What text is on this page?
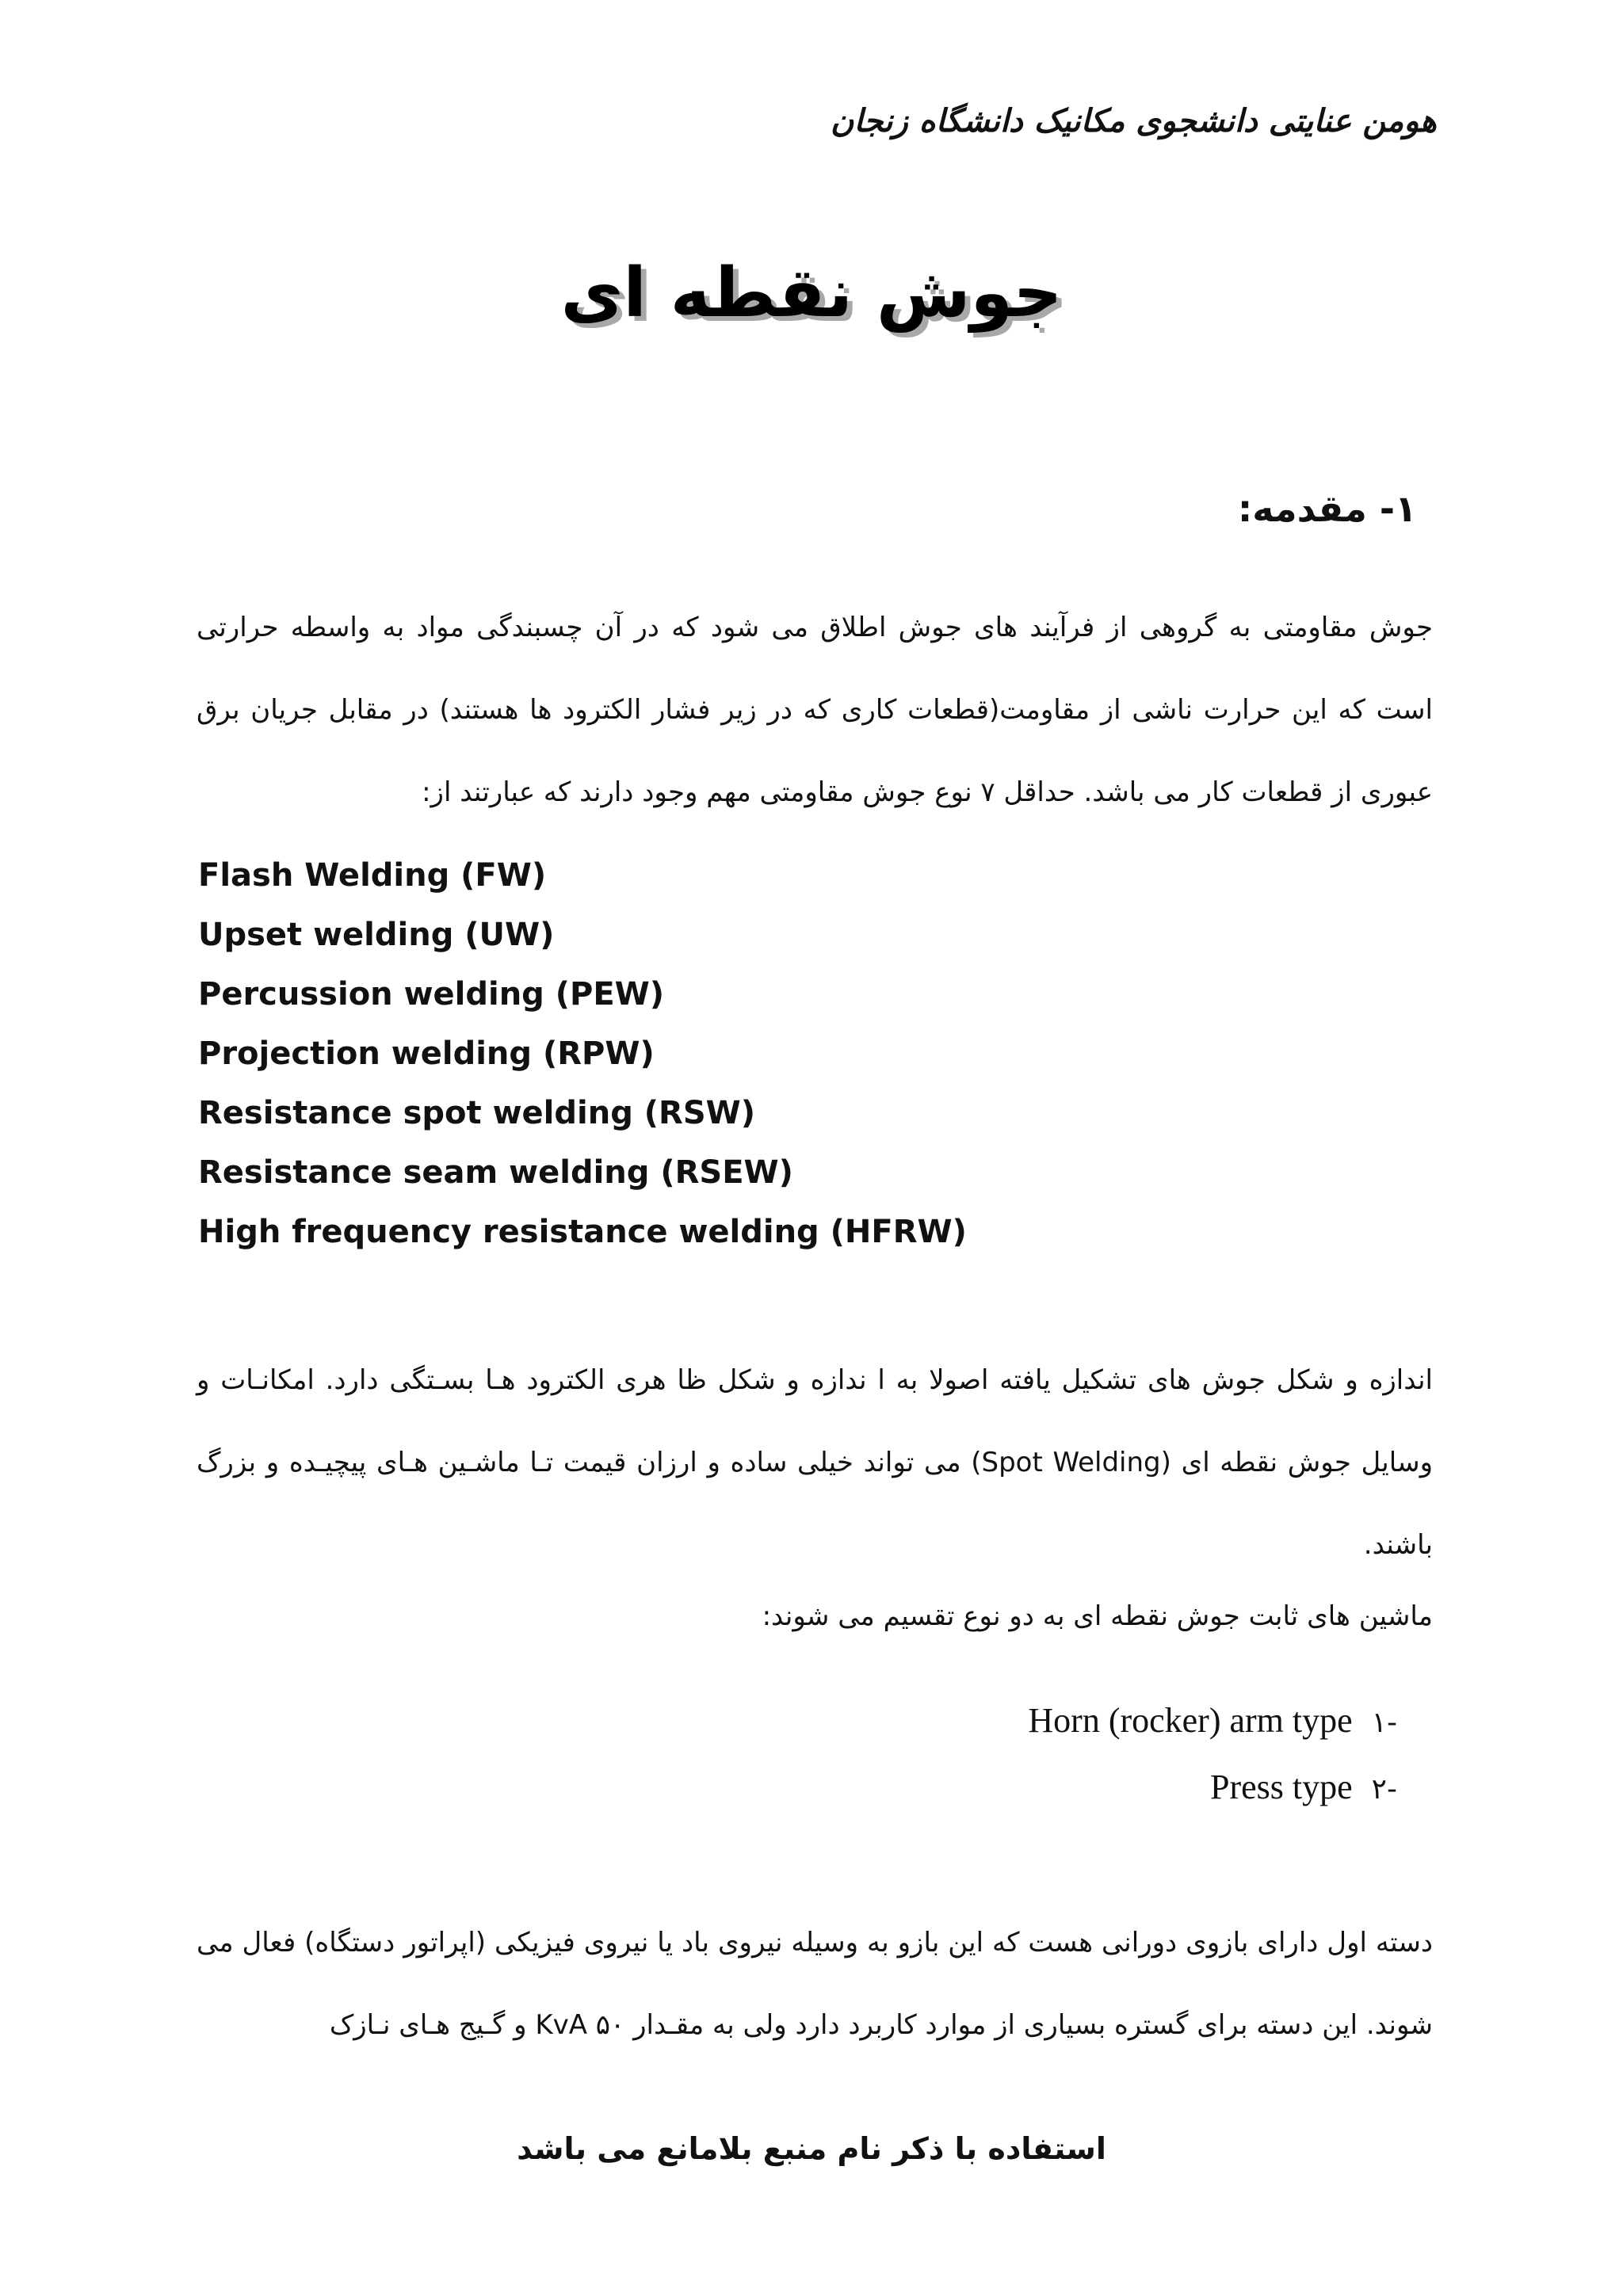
هومن عنایتی دانشجوی مکانیک دانشگاه زنجان
جوش نقطه ای
۱- مقدمه:

جوش مقاومتی به گروهی از فرآیند های جوش اطلاق می شود که در آن چسبندگی مواد به واسطه حرارتی است که این حرارت ناشی از مقاومت(قطعات کاری که در زیر فشار الکترود ها هستند) در مقابل جریان برق عبوری از قطعات کار می باشد. حداقل ۷ نوع جوش مقاومتی مهم وجود دارند که عبارتند از:

Flash Welding (FW)
Upset welding (UW)
Percussion welding (PEW)
Projection welding (RPW)
Resistance spot welding (RSW)
Resistance seam welding (RSEW)
High frequency resistance welding (HFRW)

اندازه و شکل جوش های تشکیل یافته اصولا به ا ندازه و شکل ظا هری الکترود هـا بسـتگی دارد. امکانـات و وسایل جوش نقطه ای (Spot Welding) می تواند خیلی ساده و ارزان قیمت تـا ماشـین هـای پیچیـده و بزرگ باشند.

ماشین های ثابت جوش نقطه ای به دو نوع تقسیم می شوند:

-۱Horn (rocker) arm type
-۲Press type

دسته اول دارای بازوی دورانی هست که این بازو به وسیله نیروی باد یا نیروی فیزیکی (اپراتور دستگاه) فعال می شوند. این دسته برای گستره بسیاری از موارد کاربرد دارد ولی به مقـدار KvA ۵۰ و گـیج هـای نـازک

استفاده با ذکر نام منبع بلامانع می باشد
